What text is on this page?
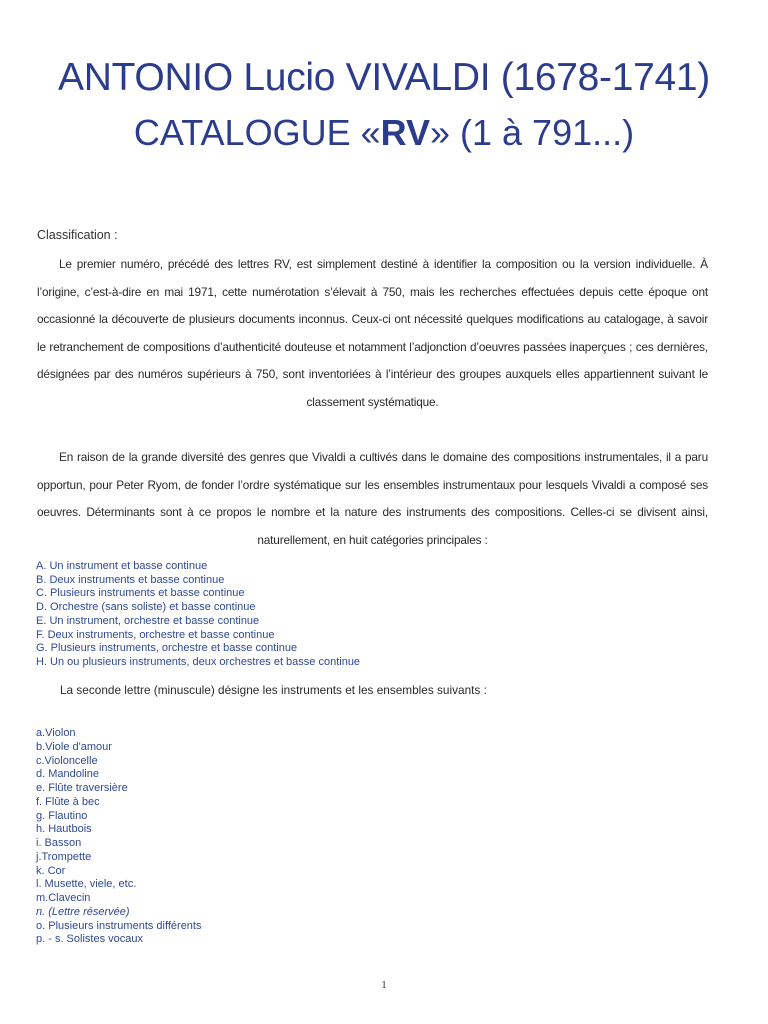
ANTONIO Lucio VIVALDI (1678-1741)
CATALOGUE «RV» (1 à 791...)
Classification :

Le premier numéro, précédé des lettres RV, est simplement destiné à identifier la composition ou la version individuelle. À l’origine, c’est-à-dire en mai 1971, cette numérotation s’élevait à 750, mais les recherches effectuées depuis cette époque ont occasionné la découverte de plusieurs documents inconnus. Ceux-ci ont nécessité quelques modifications au catalogage, à savoir le retranchement de compositions d’authenticité douteuse et notamment l’adjonction d’oeuvres passées inaperçues ; ces dernières, désignées par des numéros supérieurs à 750, sont inventoriées à l’intérieur des groupes auxquels elles appartiennent suivant le classement systématique.

En raison de la grande diversité des genres que Vivaldi a cultivés dans le domaine des compositions instrumentales, il a paru opportun, pour Peter Ryom, de fonder l’ordre systématique sur les ensembles instrumentaux pour lesquels Vivaldi a composé ses oeuvres. Déterminants sont à ce propos le nombre et la nature des instruments des compositions. Celles-ci se divisent ainsi, naturellement, en huit catégories principales :

A. Un instrument et basse continue
B. Deux instruments et basse continue
C. Plusieurs instruments et basse continue
D. Orchestre (sans soliste) et basse continue
E. Un instrument, orchestre et basse continue
F. Deux instruments, orchestre et basse continue
G. Plusieurs instruments, orchestre et basse continue
H. Un ou plusieurs instruments, deux orchestres et basse continue
La seconde lettre (minuscule) désigne les instruments et les ensembles suivants :
a.Violon
b.Viole d'amour
c.Violoncelle
d. Mandoline
e. Flûte traversière
f. Flûte à bec
g. Flautino
h. Hautbois
i. Basson
j.Trompette
k. Cor
l. Musette, viele, etc.
m.Clavecin
n. (Lettre réservée)
o. Plusieurs instruments différents
p. - s. Solistes vocaux
1
